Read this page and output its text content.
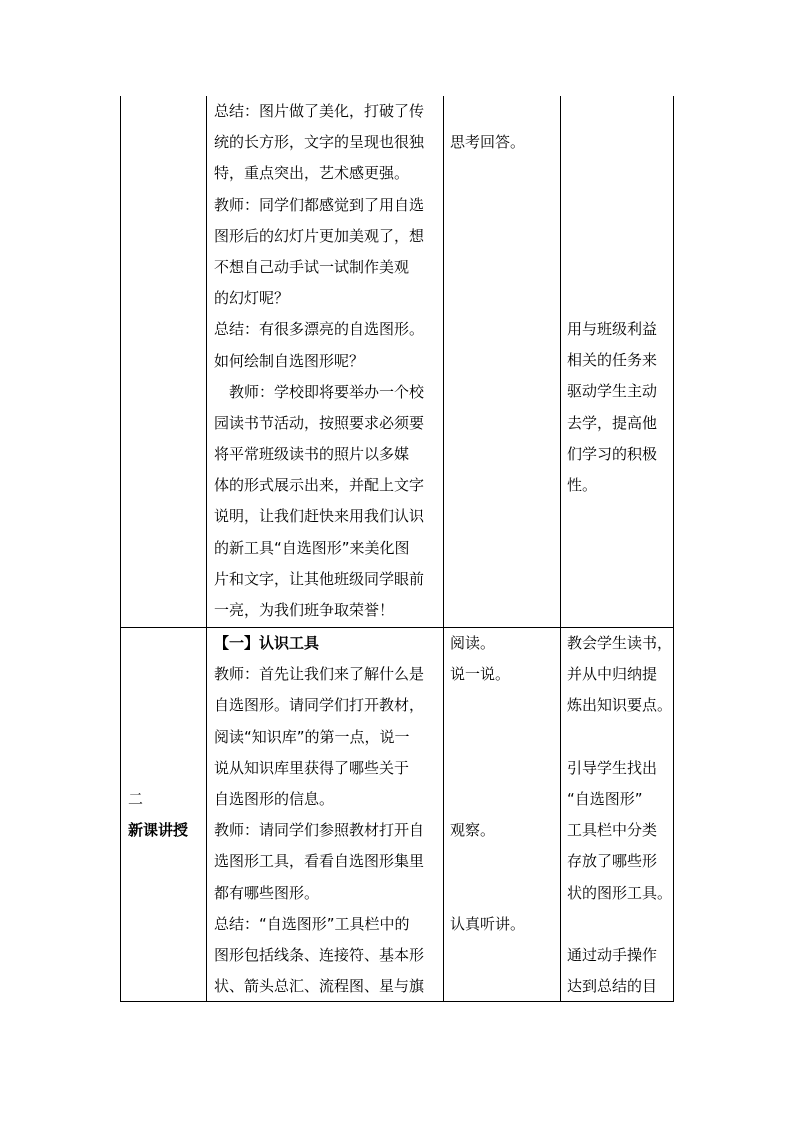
总结：图片做了美化，打破了传
统的长方形，文字的呈现也很独
特，重点突出，艺术感更强。
教师：同学们都感觉到了用自选
图形后的幻灯片更加美观了，想
不想自己动手试一试制作美观
的幻灯呢？
总结：有很多漂亮的自选图形。
如何绘制自选图形呢？
　教师：学校即将要举办一个校
园读书节活动，按照要求必须要
将平常班级读书的照片以多媒
体的形式展示出来，并配上文字
说明，让我们赶快来用我们认识
的新工具“自选图形”来美化图
片和文字，让其他班级同学眼前
一亮，为我们班争取荣誉！
思考回答。
用与班级利益
相关的任务来
驱动学生主动
去学，提高他
们学习的积极
性。
二
新课讲授
【一】认识工具
教师：首先让我们来了解什么是
自选图形。请同学们打开教材，
阅读“知识库”的第一点，说一
说从知识库里获得了哪些关于
自选图形的信息。
教师：请同学们参照教材打开自
选图形工具，看看自选图形集里
都有哪些图形。
总结：“自选图形”工具栏中的
图形包括线条、连接符、基本形
状、箭头总汇、流程图、星与旗
阅读。
说一说。
观察。
认真听讲。
教会学生读书，
并从中归纳提
炼出知识要点。
引导学生找出
“自选图形”
工具栏中分类
存放了哪些形
状的图形工具。
通过动手操作
达到总结的目
